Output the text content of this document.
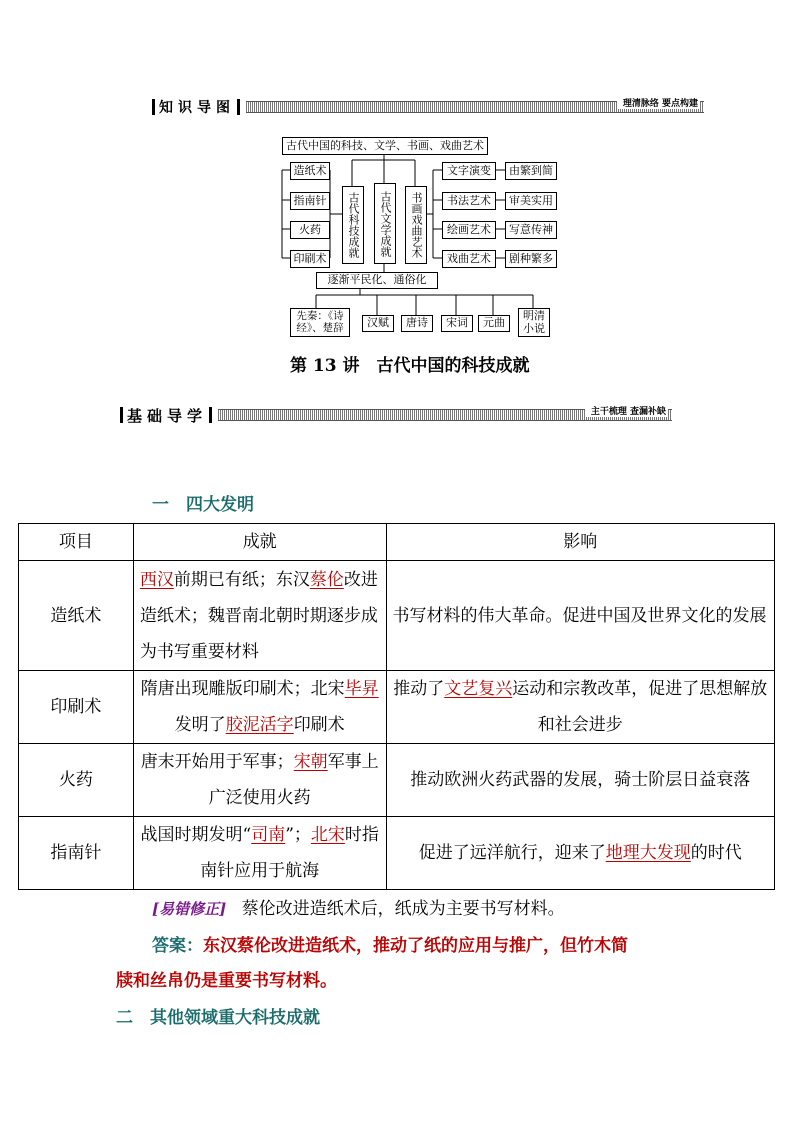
知识导图	理清脉络 要点构建
古代中国的科技、文学、书画、戏曲艺术
造纸术
指南针
火药
印刷术
古代科技成就	古代文学成就	书画戏曲艺术
文字演变
书法艺术
绘画艺术
戏曲艺术
由繁到简
审美实用
写意传神
剧种繁多
逐渐平民化、通俗化
先秦：《诗经》、楚辞	汉赋	唐诗	宋词	元曲
明清小说
第 13 讲　古代中国的科技成就
基础导学	主干梳理 查漏补缺
一　四大发明
项目	成就	影响
造纸术	西汉前期已有纸；东汉蔡伦改进造纸术；魏晋南北朝时期逐步成为书写重要材料	书写材料的伟大革命。促进中国及世界文化的发展
印刷术	隋唐出现雕版印刷术；北宋毕昇发明了胶泥活字印刷术	推动了文艺复兴运动和宗教改革，促进了思想解放和社会进步
火药	唐末开始用于军事；宋朝军事上广泛使用火药	推动欧洲火药武器的发展，骑士阶层日益衰落
指南针	战国时期发明“司南”；北宋时指南针应用于航海	促进了远洋航行，迎来了地理大发现的时代

[易错修正] 蔡伦改进造纸术后，纸成为主要书写材料。

答案：东汉蔡伦改进造纸术，推动了纸的应用与推广，但竹木简

牍和丝帛仍是重要书写材料。

二　其他领域重大科技成就
